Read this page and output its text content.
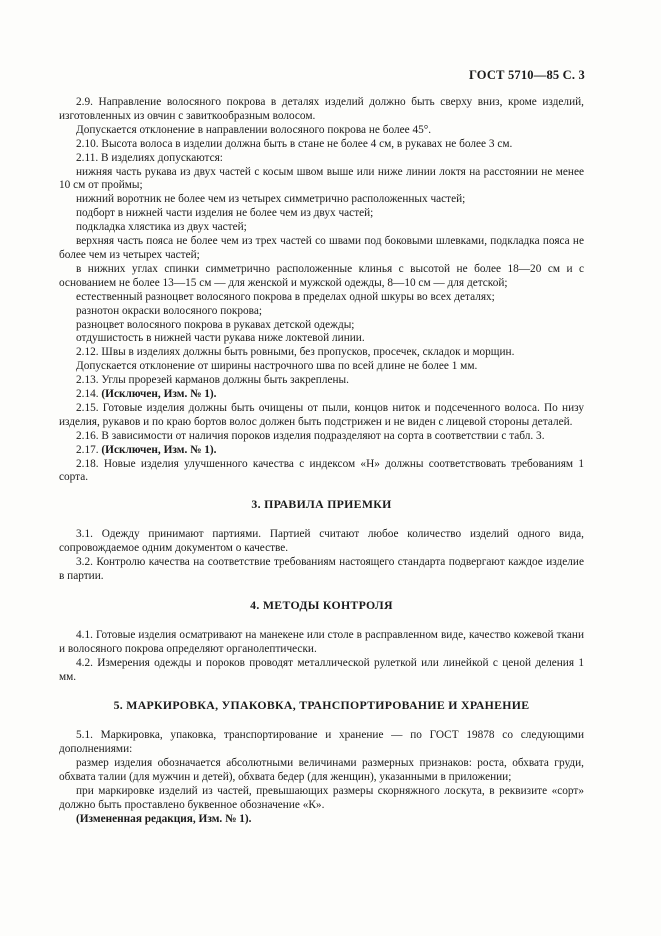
ГОСТ 5710—85 С. 3

2.9. Направление волосяного покрова в деталях изделий должно быть сверху вниз, кроме изделий, изготовленных из овчин с завиткообразным волосом.

Допускается отклонение в направлении волосяного покрова не более 45°.

2.10. Высота волоса в изделии должна быть в стане не более 4 см, в рукавах не более 3 см.

2.11. В изделиях допускаются:

нижняя часть рукава из двух частей с косым швом выше или ниже линии локтя на расстоянии не менее 10 см от проймы;

нижний воротник не более чем из четырех симметрично расположенных частей;

подборт в нижней части изделия не более чем из двух частей;

подкладка хлястика из двух частей;

верхняя часть пояса не более чем из трех частей со швами под боковыми шлевками, подкладка пояса не более чем из четырех частей;

в нижних углах спинки симметрично расположенные клинья с высотой не более 18—20 см и с основанием не более 13—15 см — для женской и мужской одежды, 8—10 см — для детской;

естественный разноцвет волосяного покрова в пределах одной шкуры во всех деталях;

разнотон окраски волосяного покрова;

разноцвет волосяного покрова в рукавах детской одежды;

отдушистость в нижней части рукава ниже локтевой линии.

2.12. Швы в изделиях должны быть ровными, без пропусков, просечек, складок и морщин.

Допускается отклонение от ширины настрочного шва по всей длине не более 1 мм.

2.13. Углы прорезей карманов должны быть закреплены.

2.14. (Исключен, Изм. № 1).

2.15. Готовые изделия должны быть очищены от пыли, концов ниток и подсеченного волоса. По низу изделия, рукавов и по краю бортов волос должен быть подстрижен и не виден с лицевой стороны деталей.

2.16. В зависимости от наличия пороков изделия подразделяют на сорта в соответствии с табл. 3.

2.17. (Исключен, Изм. № 1).

2.18. Новые изделия улучшенного качества с индексом «Н» должны соответствовать требованиям 1 сорта.

3. ПРАВИЛА ПРИЕМКИ

3.1. Одежду принимают партиями. Партией считают любое количество изделий одного вида, сопровождаемое одним документом о качестве.

3.2. Контролю качества на соответствие требованиям настоящего стандарта подвергают каждое изделие в партии.

4. МЕТОДЫ КОНТРОЛЯ

4.1. Готовые изделия осматривают на манекене или столе в расправленном виде, качество кожевой ткани и волосяного покрова определяют органолептически.

4.2. Измерения одежды и пороков проводят металлической рулеткой или линейкой с ценой деления 1 мм.

5. МАРКИРОВКА, УПАКОВКА, ТРАНСПОРТИРОВАНИЕ И ХРАНЕНИЕ

5.1. Маркировка, упаковка, транспортирование и хранение — по ГОСТ 19878 со следующими дополнениями:

размер изделия обозначается абсолютными величинами размерных признаков: роста, обхвата груди, обхвата талии (для мужчин и детей), обхвата бедер (для женщин), указанными в приложении;

при маркировке изделий из частей, превышающих размеры скорняжного лоскута, в реквизите «сорт» должно быть проставлено буквенное обозначение «К».

(Измененная редакция, Изм. № 1).
